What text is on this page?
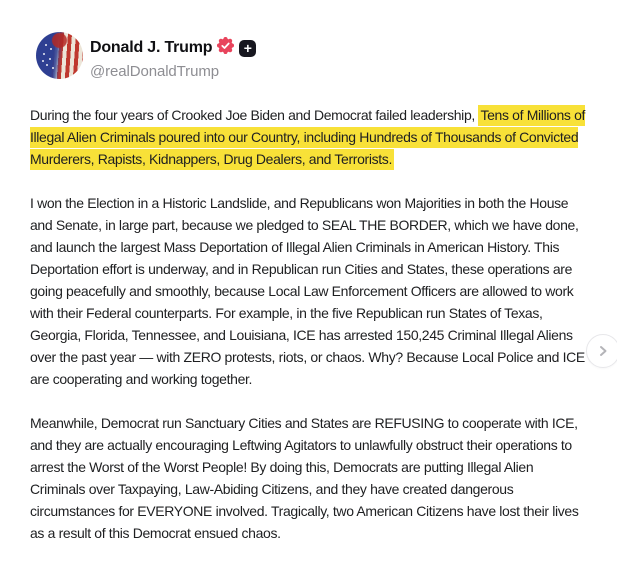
Donald J. Trump	+
@realDonaldTrump

During the four years of Crooked Joe Biden and Democrat failed leadership, Tens of Millions of Illegal Alien Criminals poured into our Country, including Hundreds of Thousands of Convicted Murderers, Rapists, Kidnappers, Drug Dealers, and Terrorists.

I won the Election in a Historic Landslide, and Republicans won Majorities in both the House and Senate, in large part, because we pledged to SEAL THE BORDER, which we have done, and launch the largest Mass Deportation of Illegal Alien Criminals in American History. This Deportation effort is underway, and in Republican run Cities and States, these operations are going peacefully and smoothly, because Local Law Enforcement Officers are allowed to work with their Federal counterparts. For example, in the five Republican run States of Texas, Georgia, Florida, Tennessee, and Louisiana, ICE has arrested 150,245 Criminal Illegal Aliens over the past year — with ZERO protests, riots, or chaos. Why? Because Local Police and ICE are cooperating and working together.

Meanwhile, Democrat run Sanctuary Cities and States are REFUSING to cooperate with ICE, and they are actually encouraging Leftwing Agitators to unlawfully obstruct their operations to arrest the Worst of the Worst People! By doing this, Democrats are putting Illegal Alien Criminals over Taxpaying, Law-Abiding Citizens, and they have created dangerous circumstances for EVERYONE involved. Tragically, two American Citizens have lost their lives as a result of this Democrat ensued chaos.
